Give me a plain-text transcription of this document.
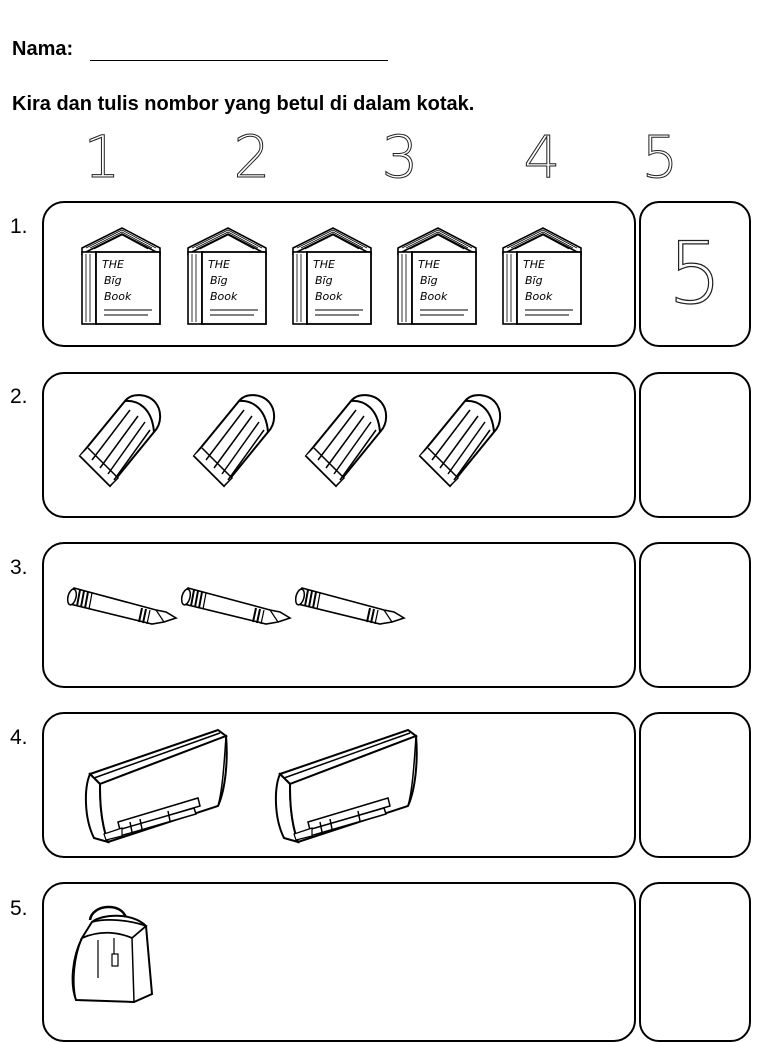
Nama:
Kira dan tulis nombor yang betul di dalam kotak.
1 2 3 4 5
1.	5
2.
3.
4.
5.
THE
Bīg
Book
THE
Bīg
Book
THE
Bīg
Book
THE
Bīg
Book
THE
Bīg
Book
